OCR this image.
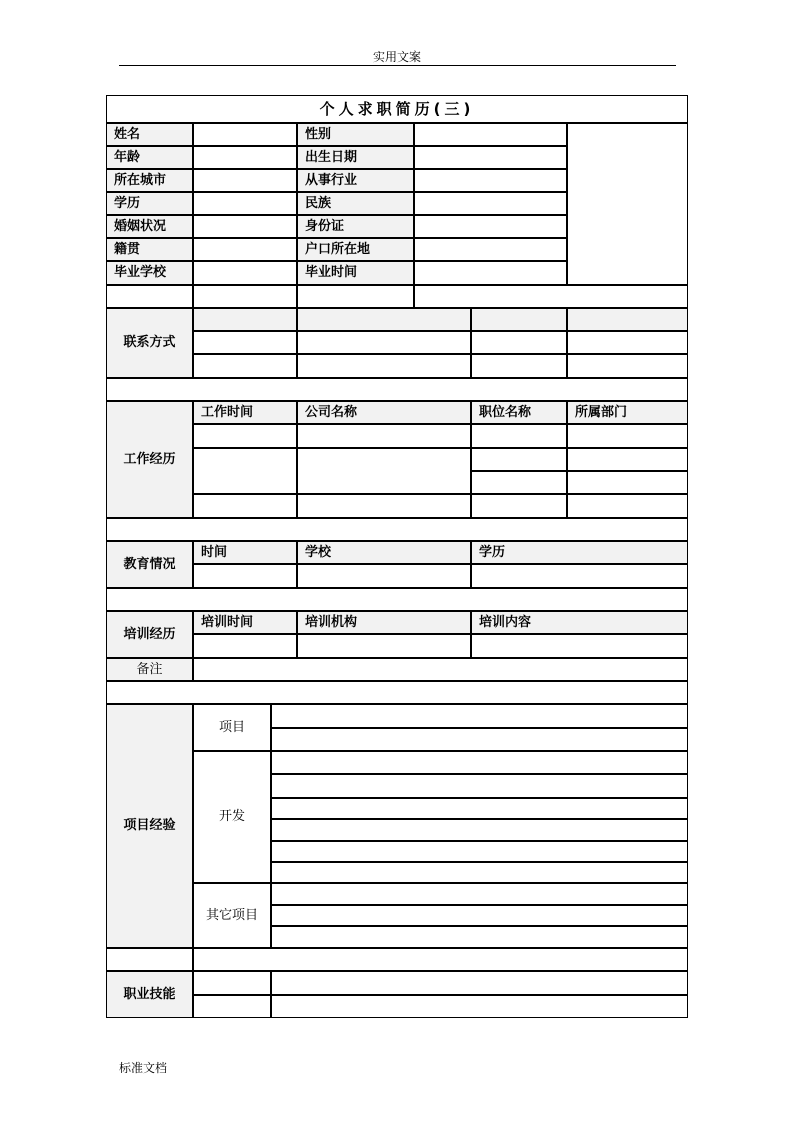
实用文案
个人求职简历(三)
姓名	性别
年龄	出生日期
所在城市	从事行业
学历	民族
婚姻状况	身份证
籍贯	户口所在地
毕业学校	毕业时间
联系方式
工作经历
工作时间	公司名称	职位名称	所属部门
教育情况
时间	学校	学历
培训经历
培训时间	培训机构	培训内容
备注
项目经验
项目
开发
其它项目
职业技能
标准文档
